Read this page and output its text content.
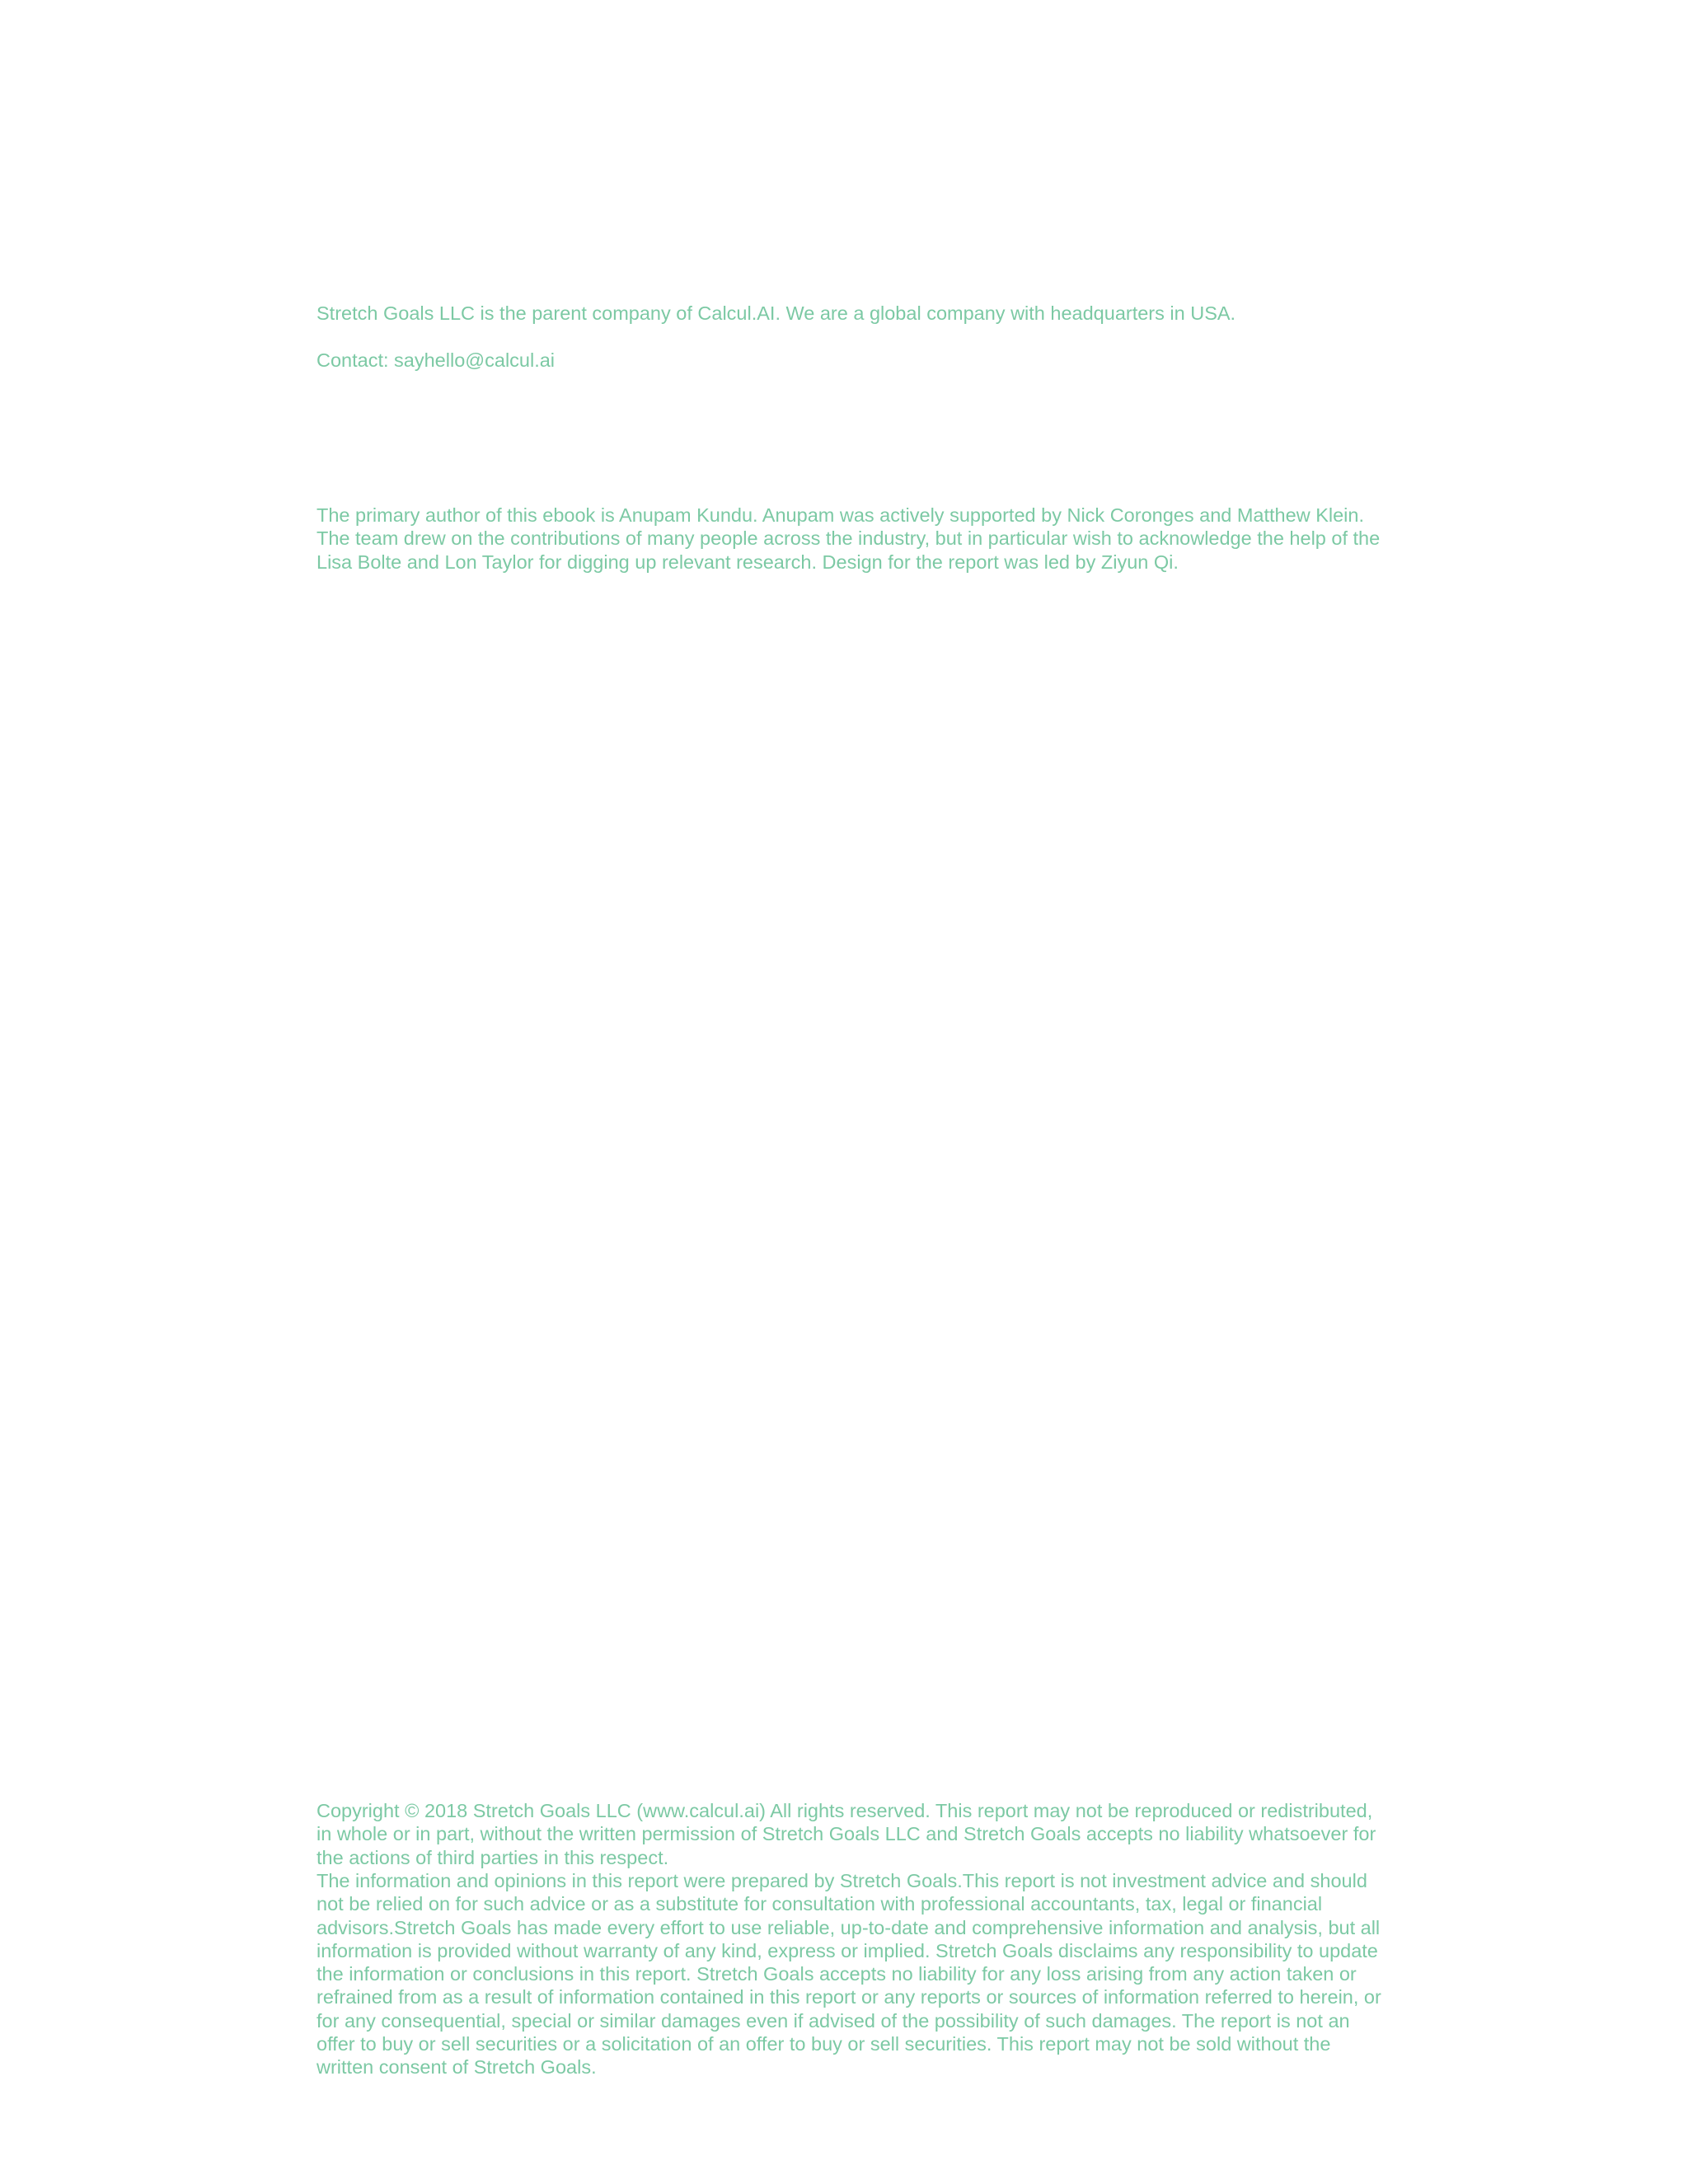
Stretch Goals LLC is the parent company of Calcul.AI. We are a global company with headquarters in USA.

Contact: sayhello@calcul.ai

The primary author of this ebook is Anupam Kundu. Anupam was actively supported by Nick Coronges and Matthew Klein. The team drew on the contributions of many people across the industry, but in particular wish to acknowledge the help of the Lisa Bolte and Lon Taylor for digging up relevant research. Design for the report was led by Ziyun Qi.

Copyright © 2018 Stretch Goals LLC (www.calcul.ai) All rights reserved. This report may not be reproduced or redistributed, in whole or in part, without the written permission of Stretch Goals LLC and Stretch Goals accepts no liability whatsoever for the actions of third parties in this respect.

The information and opinions in this report were prepared by Stretch Goals.This report is not investment advice and should not be relied on for such advice or as a substitute for consultation with professional accountants, tax, legal or financial advisors.Stretch Goals has made every effort to use reliable, up-to-date and comprehensive information and analysis, but all information is provided without warranty of any kind, express or implied. Stretch Goals disclaims any responsibility to update the information or conclusions in this report. Stretch Goals accepts no liability for any loss arising from any action taken or refrained from as a result of information contained in this report or any reports or sources of information referred to herein, or for any consequential, special or similar damages even if advised of the possibility of such damages. The report is not an offer to buy or sell securities or a solicitation of an offer to buy or sell securities. This report may not be sold without the written consent of Stretch Goals.
